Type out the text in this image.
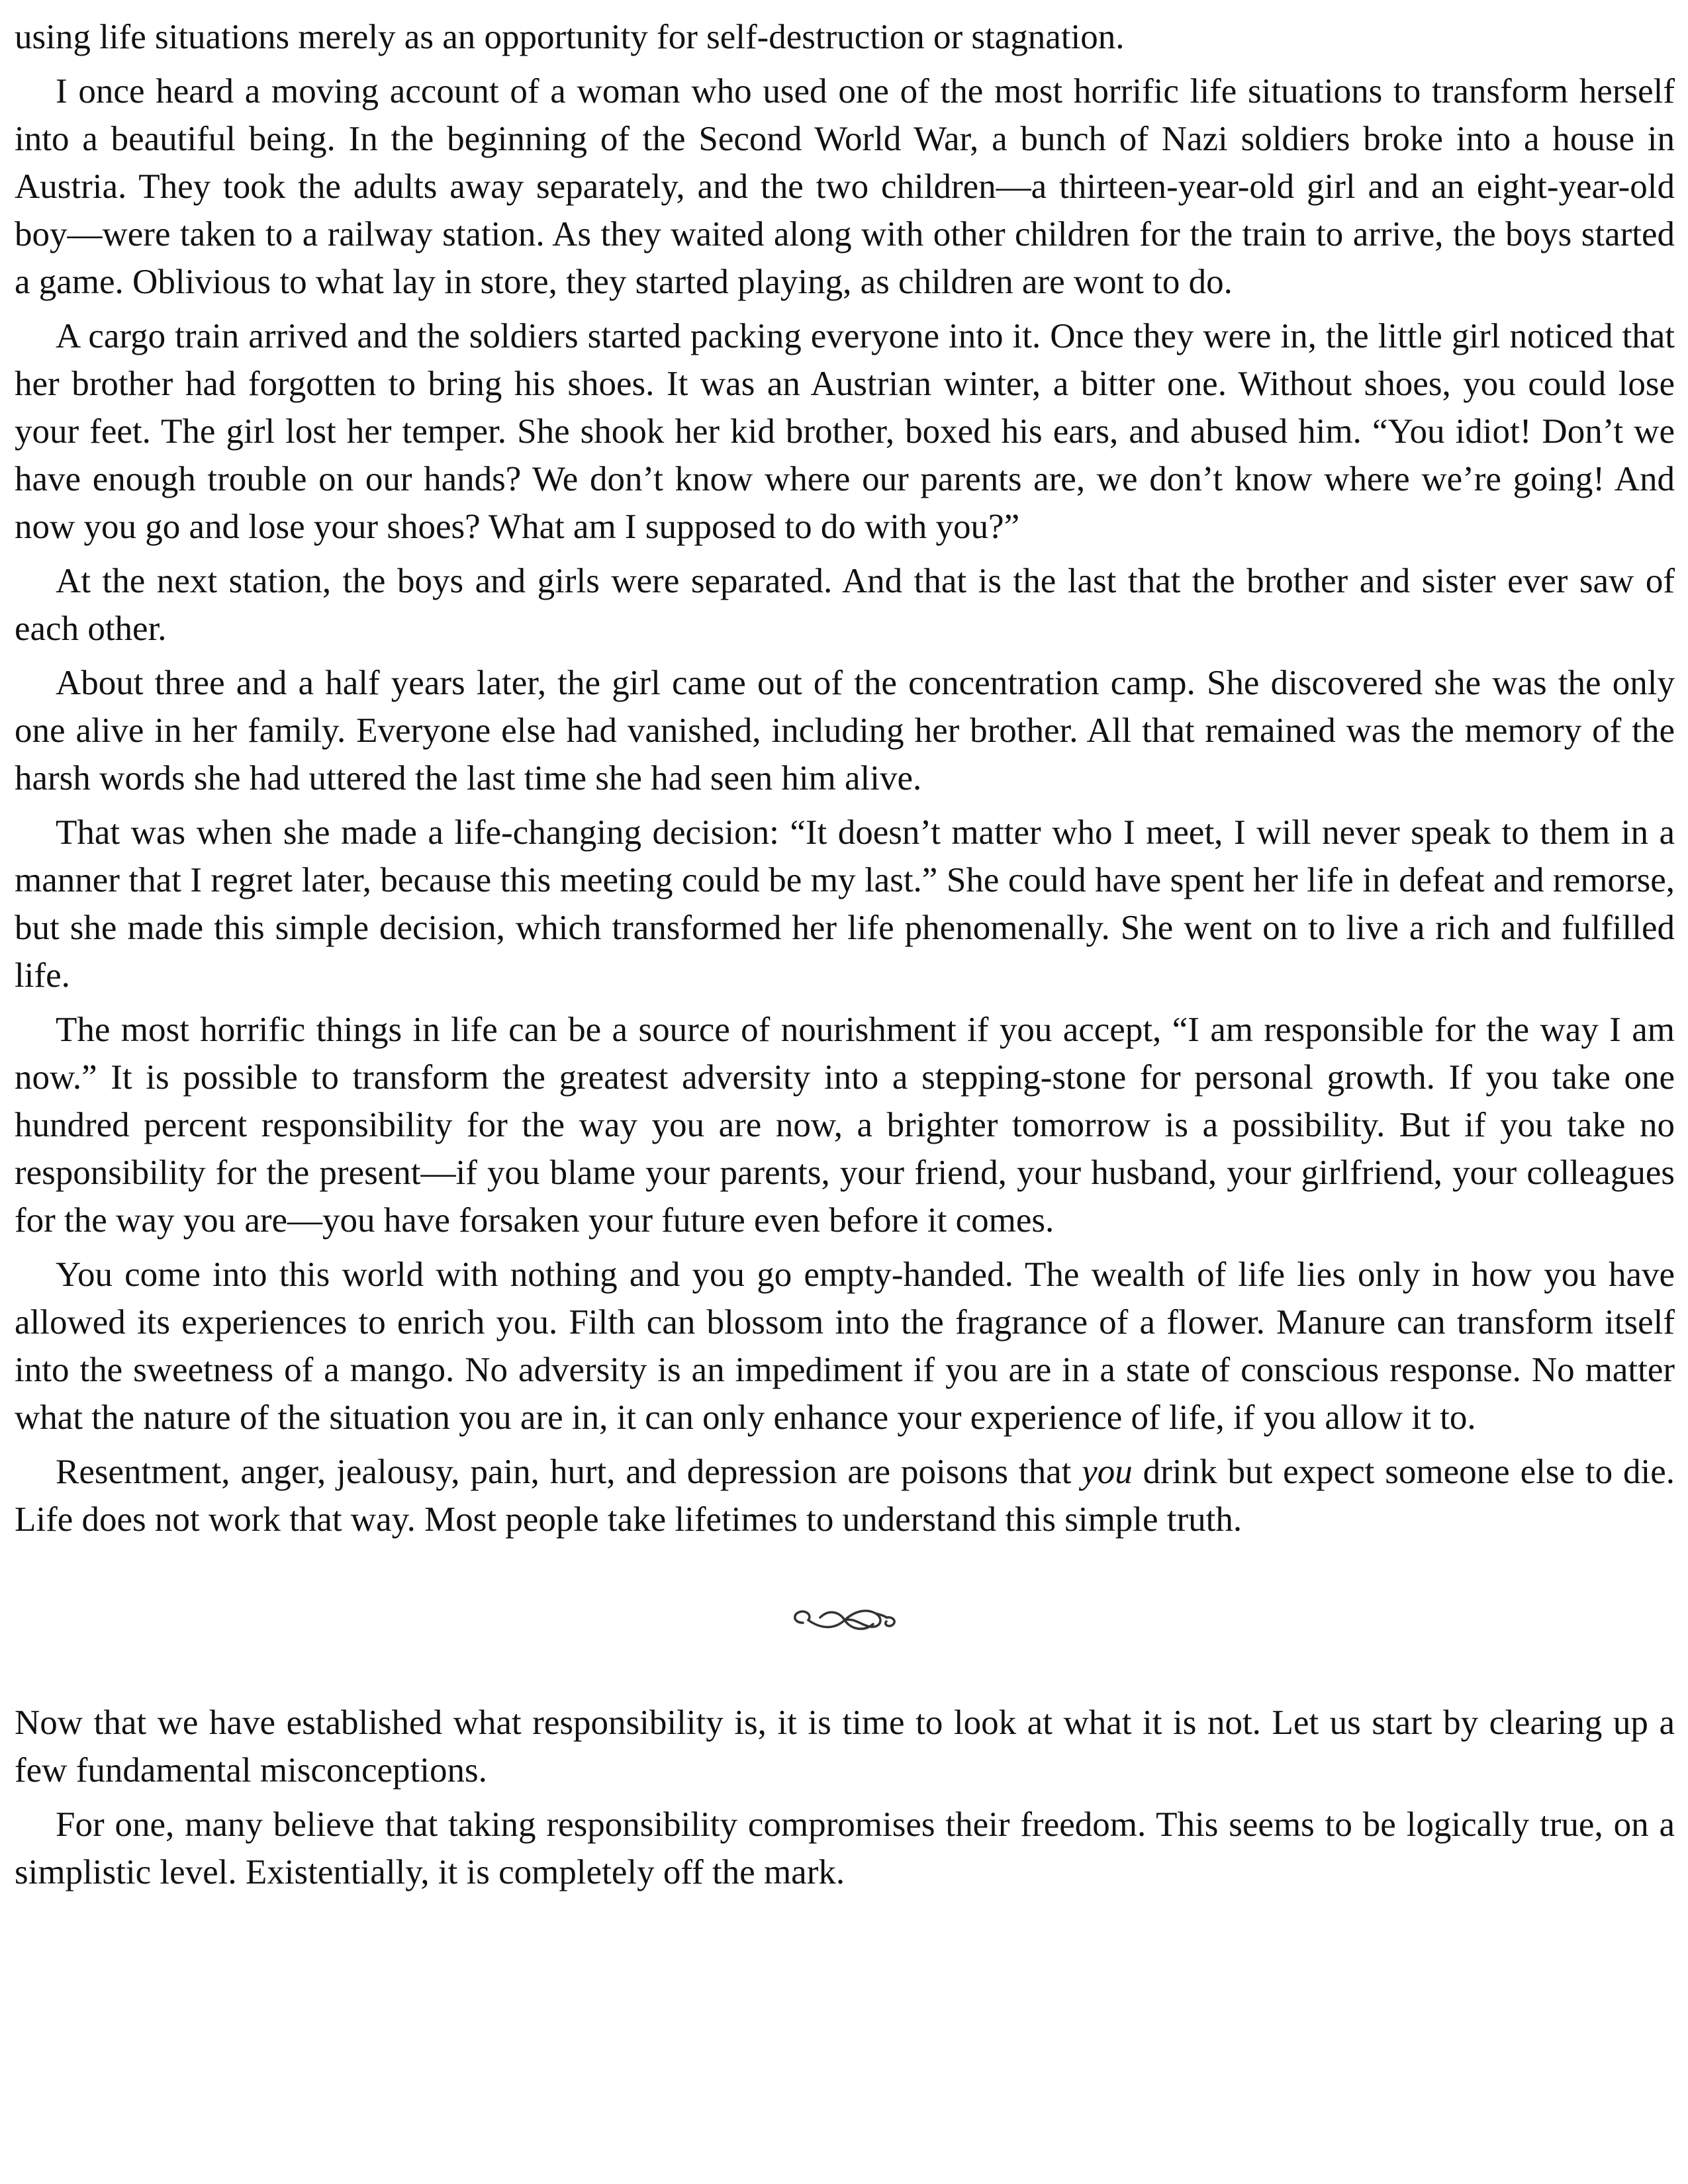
using life situations merely as an opportunity for self-destruction or stagnation.

I once heard a moving account of a woman who used one of the most horrific life situations to transform herself into a beautiful being. In the beginning of the Second World War, a bunch of Nazi soldiers broke into a house in Austria. They took the adults away separately, and the two children—a thirteen-year-old girl and an eight-year-old boy—were taken to a railway station. As they waited along with other children for the train to arrive, the boys started a game. Oblivious to what lay in store, they started playing, as children are wont to do.

A cargo train arrived and the soldiers started packing everyone into it. Once they were in, the little girl noticed that her brother had forgotten to bring his shoes. It was an Austrian winter, a bitter one. Without shoes, you could lose your feet. The girl lost her temper. She shook her kid brother, boxed his ears, and abused him. “You idiot! Don’t we have enough trouble on our hands? We don’t know where our parents are, we don’t know where we’re going! And now you go and lose your shoes? What am I supposed to do with you?”

At the next station, the boys and girls were separated. And that is the last that the brother and sister ever saw of each other.

About three and a half years later, the girl came out of the concentration camp. She discovered she was the only one alive in her family. Everyone else had vanished, including her brother. All that remained was the memory of the harsh words she had uttered the last time she had seen him alive.

That was when she made a life-changing decision: “It doesn’t matter who I meet, I will never speak to them in a manner that I regret later, because this meeting could be my last.” She could have spent her life in defeat and remorse, but she made this simple decision, which transformed her life phenomenally. She went on to live a rich and fulfilled life.

The most horrific things in life can be a source of nourishment if you accept, “I am responsible for the way I am now.” It is possible to transform the greatest adversity into a stepping-stone for personal growth. If you take one hundred percent responsibility for the way you are now, a brighter tomorrow is a possibility. But if you take no responsibility for the present—if you blame your parents, your friend, your husband, your girlfriend, your colleagues for the way you are—you have forsaken your future even before it comes.

You come into this world with nothing and you go empty-handed. The wealth of life lies only in how you have allowed its experiences to enrich you. Filth can blossom into the fragrance of a flower. Manure can transform itself into the sweetness of a mango. No adversity is an impediment if you are in a state of conscious response. No matter what the nature of the situation you are in, it can only enhance your experience of life, if you allow it to.

Resentment, anger, jealousy, pain, hurt, and depression are poisons that you drink but expect someone else to die. Life does not work that way. Most people take lifetimes to understand this simple truth.

Now that we have established what responsibility is, it is time to look at what it is not. Let us start by clearing up a few fundamental misconceptions.

For one, many believe that taking responsibility compromises their freedom. This seems to be logically true, on a simplistic level. Existentially, it is completely off the mark.
